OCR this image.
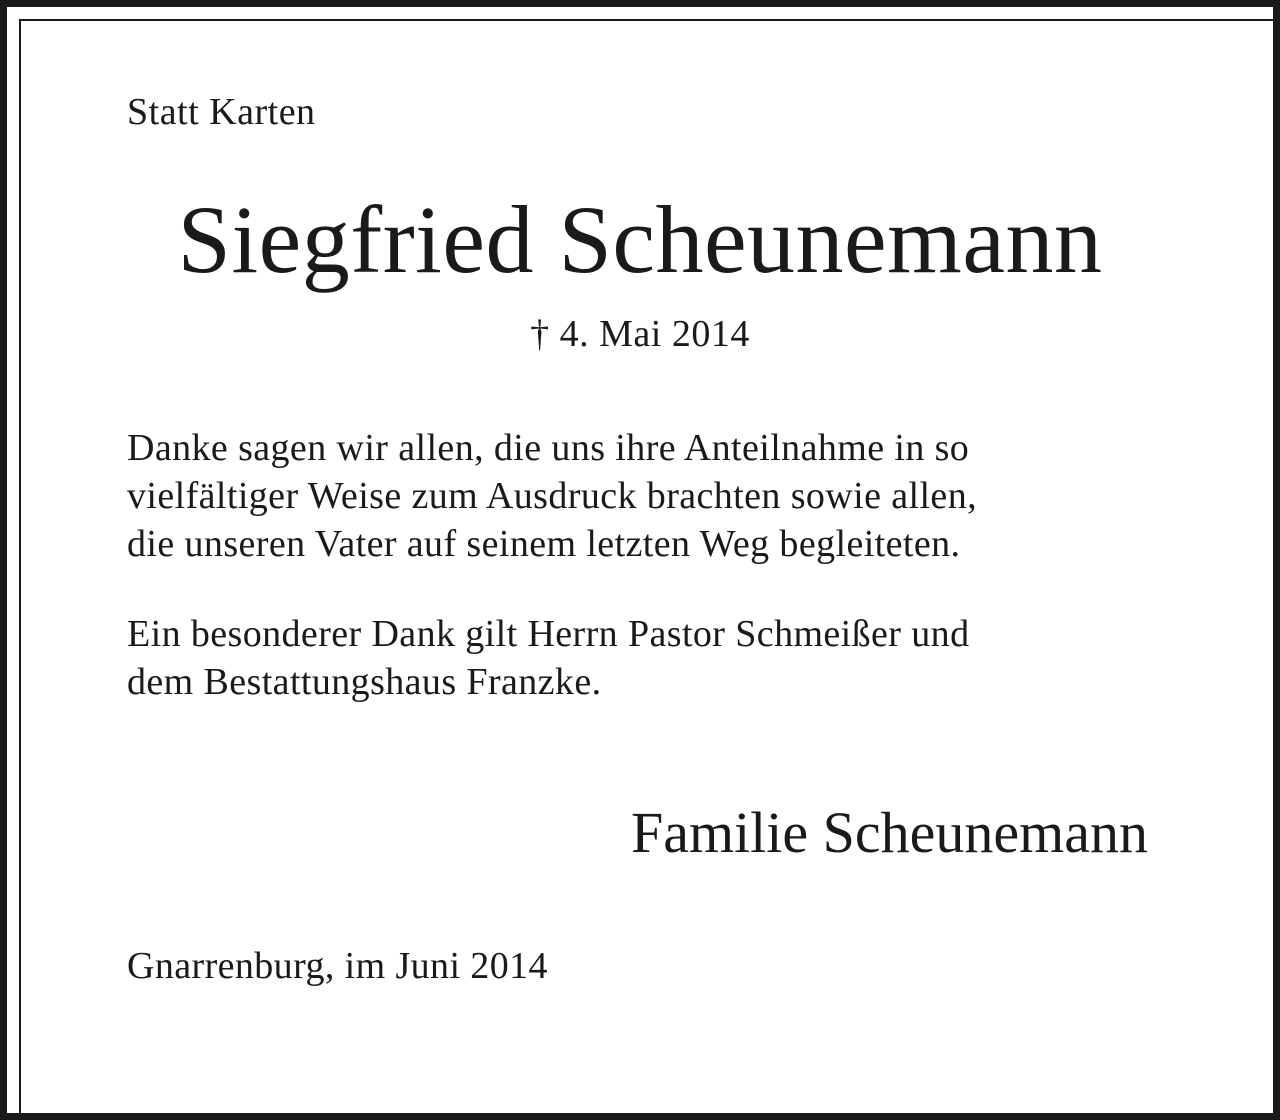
Statt Karten

Siegfried Scheunemann

† 4. Mai 2014

Danke sagen wir allen, die uns ihre Anteilnahme in so
vielfältiger Weise zum Ausdruck brachten sowie allen,
die unseren Vater auf seinem letzten Weg begleiteten.

Ein besonderer Dank gilt Herrn Pastor Schmeißer und
dem Bestattungshaus Franzke.

Familie Scheunemann

Gnarrenburg, im Juni 2014
